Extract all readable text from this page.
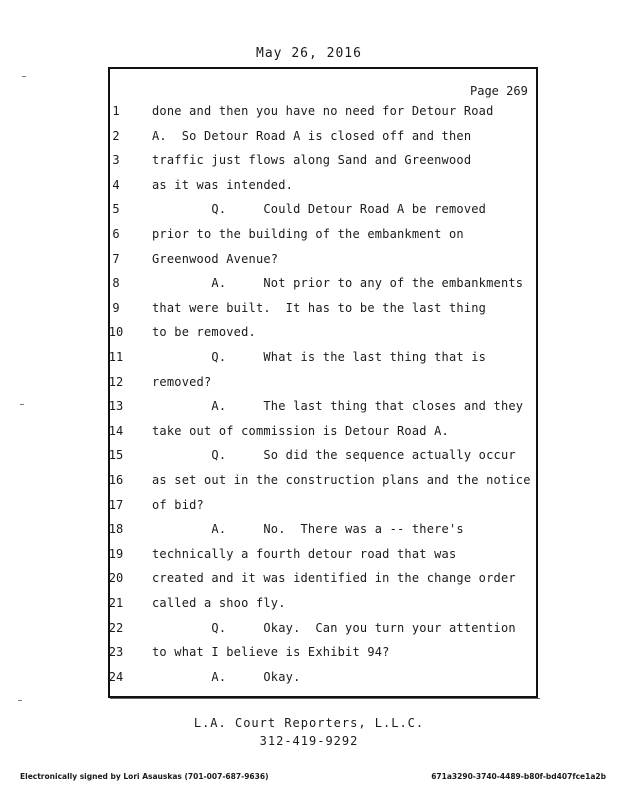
May 26, 2016
Page 269
1	done and then you have no need for Detour Road
2	A.  So Detour Road A is closed off and then
3	traffic just flows along Sand and Greenwood
4	as it was intended.
5	Q.     Could Detour Road A be removed
6	prior to the building of the embankment on
7	Greenwood Avenue?
8	A.     Not prior to any of the embankments
9	that were built.  It has to be the last thing
10	to be removed.
11	Q.     What is the last thing that is
12	removed?
13	A.     The last thing that closes and they
14	take out of commission is Detour Road A.
15	Q.     So did the sequence actually occur
16	as set out in the construction plans and the notice
17	of bid?
18	A.     No.  There was a -- there's
19	technically a fourth detour road that was
20	created and it was identified in the change order
21	called a shoo fly.
22	Q.     Okay.  Can you turn your attention
23	to what I believe is Exhibit 94?
24	A.     Okay.
L.A. Court Reporters, L.L.C.
312-419-9292
Electronically signed by Lori Asauskas (701-007-687-9636)	671a3290-3740-4489-b80f-bd407fce1a2b
